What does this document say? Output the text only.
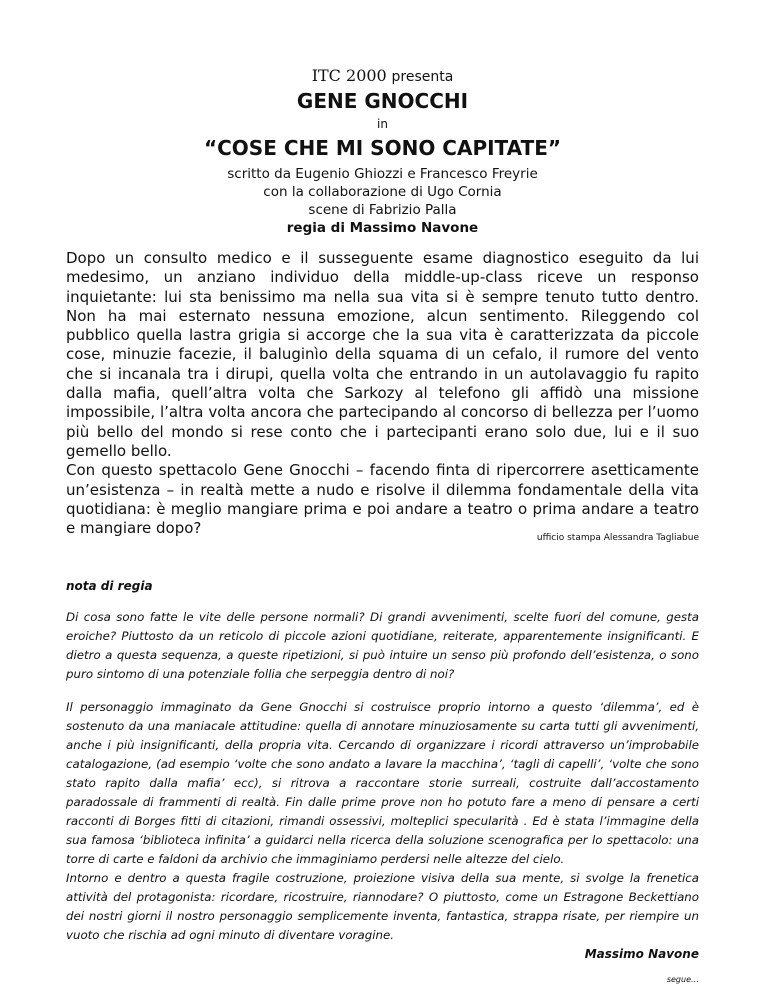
ITC 2000 presenta
GENE GNOCCHI
in
“COSE CHE MI SONO CAPITATE”
scritto da Eugenio Ghiozzi e Francesco Freyrie
con la collaborazione di Ugo Cornia
scene di Fabrizio Palla
regia di Massimo Navone

Dopo un consulto medico e il susseguente esame diagnostico eseguito da lui medesimo, un anziano individuo della middle-up-class riceve un responso inquietante: lui sta benissimo ma nella sua vita si è sempre tenuto tutto dentro. Non ha mai esternato nessuna emozione, alcun sentimento. Rileggendo col pubblico quella lastra grigia si accorge che la sua vita è caratterizzata da piccole cose, minuzie facezie, il baluginìo della squama di un cefalo, il rumore del vento che si incanala tra i dirupi, quella volta che entrando in un autolavaggio fu rapito dalla mafia, quell’altra volta che Sarkozy al telefono gli affidò una missione impossibile, l’altra volta ancora che partecipando al concorso di bellezza per l’uomo più bello del mondo si rese conto che i partecipanti erano solo due, lui e il suo gemello bello.

Con questo spettacolo Gene Gnocchi – facendo finta di ripercorrere asetticamente un’esistenza – in realtà mette a nudo e risolve il dilemma fondamentale della vita quotidiana: è meglio mangiare prima e poi andare a teatro o prima andare a teatro e mangiare dopo?

ufficio stampa Alessandra Tagliabue
nota di regia

Di cosa sono fatte le vite delle persone normali? Di grandi avvenimenti, scelte fuori del comune, gesta eroiche? Piuttosto da un reticolo di piccole azioni quotidiane, reiterate, apparentemente insignificanti. E dietro a questa sequenza, a queste ripetizioni, si può intuire un senso più profondo dell’esistenza, o sono puro sintomo di una potenziale follia che serpeggia dentro di noi?

Il personaggio immaginato da Gene Gnocchi si costruisce proprio intorno a questo ‘dilemma’, ed è sostenuto da una maniacale attitudine: quella di annotare minuziosamente su carta tutti gli avvenimenti, anche i più insignificanti, della propria vita. Cercando di organizzare i ricordi attraverso un’improbabile catalogazione, (ad esempio ‘volte che sono andato a lavare la macchina’, ‘tagli di capelli’, ‘volte che sono stato rapito dalla mafia’ ecc), si ritrova a raccontare storie surreali, costruite dall’accostamento paradossale di frammenti di realtà. Fin dalle prime prove non ho potuto fare a meno di pensare a certi racconti di Borges fitti di citazioni, rimandi ossessivi, molteplici specularità . Ed è stata l’immagine della sua famosa ‘biblioteca infinita’ a guidarci nella ricerca della soluzione scenografica per lo spettacolo: una torre di carte e faldoni da archivio che immaginiamo perdersi nelle altezze del cielo.

Intorno e dentro a questa fragile costruzione, proiezione visiva della sua mente, si svolge la frenetica attività del protagonista: ricordare, ricostruire, riannodare? O piuttosto, come un Estragone Beckettiano dei nostri giorni il nostro personaggio semplicemente inventa, fantastica, strappa risate, per riempire un vuoto che rischia ad ogni minuto di diventare voragine.

Massimo Navone
segue…
